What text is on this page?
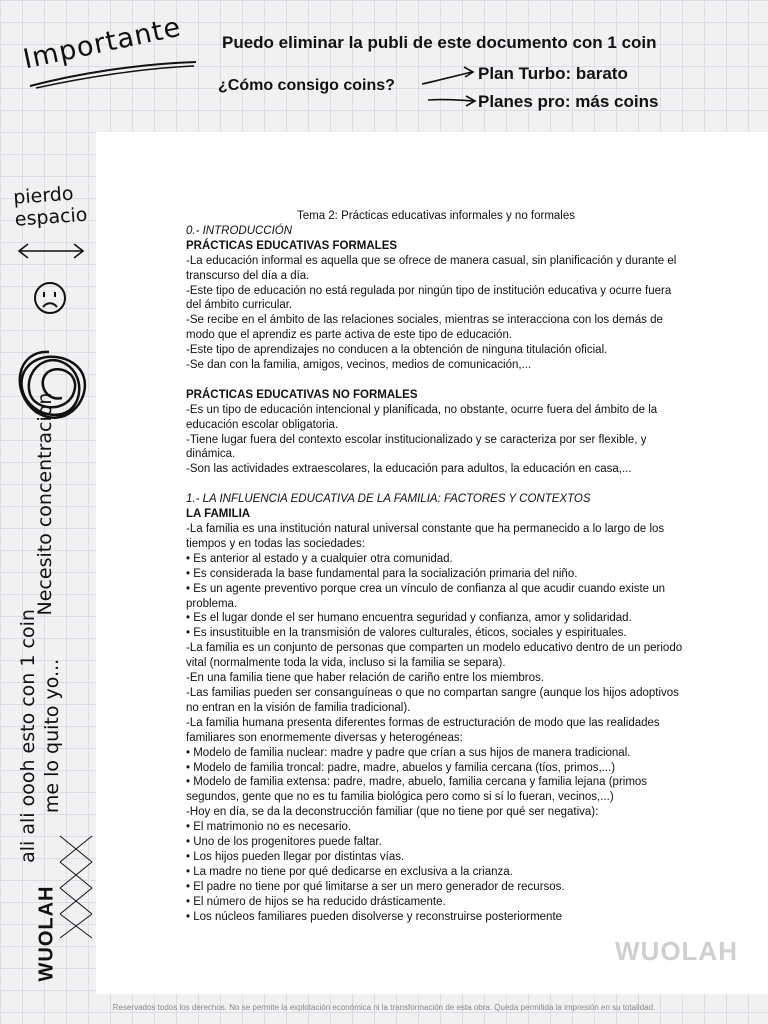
Importante Puedo eliminar la publi de este documento con 1 coin
¿Cómo consigo coins?
Plan Turbo: barato
Planes pro: más coins
pierdo espacio
Necesito concentración
ali ali oooh esto con 1 coin me lo quito yo...
WUOLAH

Tema 2: Prácticas educativas informales y no formales

0.- INTRODUCCIÓN

PRÁCTICAS EDUCATIVAS FORMALES

-La educación informal es aquella que se ofrece de manera casual, sin planificación y durante el transcurso del día a día.

-Este tipo de educación no está regulada por ningún tipo de institución educativa y ocurre fuera del ámbito curricular.

-Se recibe en el ámbito de las relaciones sociales, mientras se interacciona con los demás de modo que el aprendiz es parte activa de este tipo de educación.

-Este tipo de aprendizajes no conducen a la obtención de ninguna titulación oficial.

-Se dan con la familia, amigos, vecinos, medios de comunicación,...

PRÁCTICAS EDUCATIVAS NO FORMALES

-Es un tipo de educación intencional y planificada, no obstante, ocurre fuera del ámbito de la educación escolar obligatoria.

-Tiene lugar fuera del contexto escolar institucionalizado y se caracteriza por ser flexible, y dinámica.

-Son las actividades extraescolares, la educación para adultos, la educación en casa,...

1.- LA INFLUENCIA EDUCATIVA DE LA FAMILIA: FACTORES Y CONTEXTOS

LA FAMILIA

-La familia es una institución natural universal constante que ha permanecido a lo largo de los tiempos y en todas las sociedades:

• Es anterior al estado y a cualquier otra comunidad.

• Es considerada la base fundamental para la socialización primaria del niño.

• Es un agente preventivo porque crea un vínculo de confianza al que acudir cuando existe un problema.

• Es el lugar donde el ser humano encuentra seguridad y confianza, amor y solidaridad.

• Es insustituible en la transmisión de valores culturales, éticos, sociales y espirituales.

-La familia es un conjunto de personas que comparten un modelo educativo dentro de un periodo vital (normalmente toda la vida, incluso si la familia se separa).

-En una familia tiene que haber relación de cariño entre los miembros.

-Las familias pueden ser consanguíneas o que no compartan sangre (aunque los hijos adoptivos no entran en la visión de familia tradicional).

-La familia humana presenta diferentes formas de estructuración de modo que las realidades familiares son enormemente diversas y heterogéneas:

• Modelo de familia nuclear: madre y padre que crían a sus hijos de manera tradicional.

• Modelo de familia troncal: padre, madre, abuelos y familia cercana (tíos, primos,...)

• Modelo de familia extensa: padre, madre, abuelo, familia cercana y familia lejana (primos segundos, gente que no es tu familia biológica pero como si sí lo fueran, vecinos,...)

-Hoy en día, se da la deconstrucción familiar (que no tiene por qué ser negativa):

• El matrimonio no es necesario.

• Uno de los progenitores puede faltar.

• Los hijos pueden llegar por distintas vías.

• La madre no tiene por qué dedicarse en exclusiva a la crianza.

• El padre no tiene por qué limitarse a ser un mero generador de recursos.

• El número de hijos se ha reducido drásticamente.

• Los núcleos familiares pueden disolverse y reconstruirse posteriormente

WUOLAH
Reservados todos los derechos. No se permite la explotación económica ni la transformación de esta obra. Queda permitida la impresión en su totalidad.
